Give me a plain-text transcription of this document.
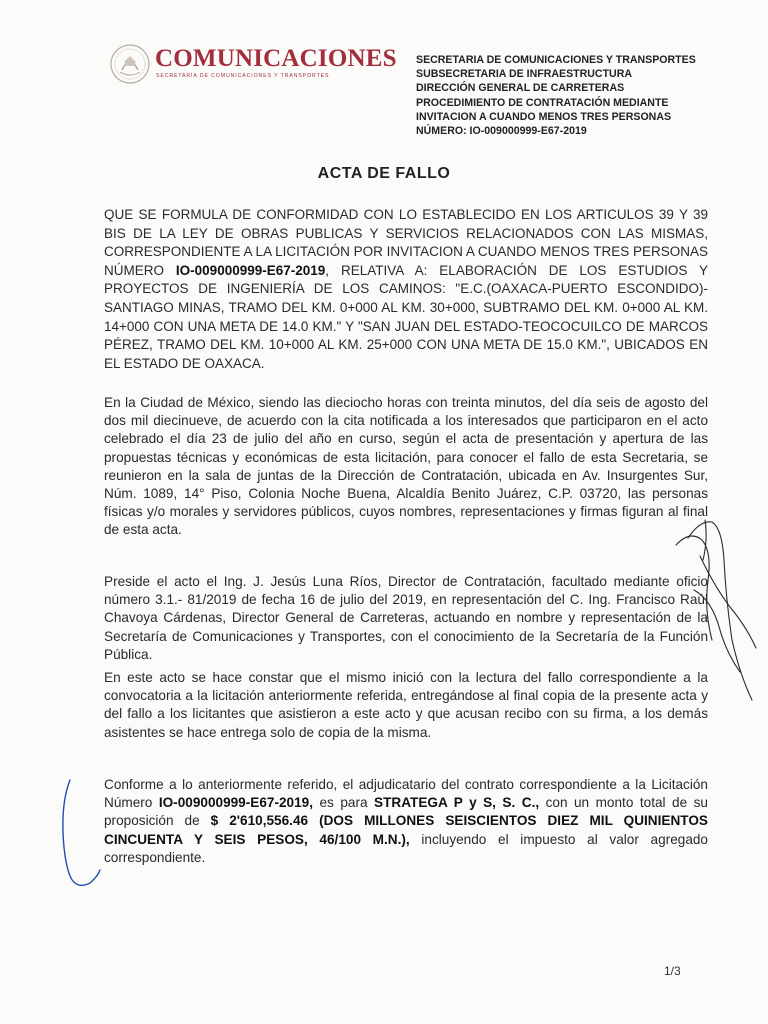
COMUNICACIONES
SECRETARÍA DE COMUNICACIONES Y TRANSPORTES
SECRETARIA DE COMUNICACIONES Y TRANSPORTES
SUBSECRETARIA DE INFRAESTRUCTURA
DIRECCIÓN GENERAL DE CARRETERAS
PROCEDIMIENTO DE CONTRATACIÓN MEDIANTE
INVITACION A CUANDO MENOS TRES PERSONAS
NÚMERO: IO-009000999-E67-2019
ACTA DE FALLO
QUE SE FORMULA DE CONFORMIDAD CON LO ESTABLECIDO EN LOS ARTICULOS 39 Y 39 BIS DE LA LEY DE OBRAS PUBLICAS Y SERVICIOS RELACIONADOS CON LAS MISMAS, CORRESPONDIENTE A LA LICITACIÓN POR INVITACION A CUANDO MENOS TRES PERSONAS NÚMERO IO-009000999-E67-2019, RELATIVA A: ELABORACIÓN DE LOS ESTUDIOS Y PROYECTOS DE INGENIERÍA DE LOS CAMINOS: "E.C.(OAXACA-PUERTO ESCONDIDO)-SANTIAGO MINAS, TRAMO DEL KM. 0+000 AL KM. 30+000, SUBTRAMO DEL KM. 0+000 AL KM. 14+000 CON UNA META DE 14.0 KM." Y "SAN JUAN DEL ESTADO-TEOCOCUILCO DE MARCOS PÉREZ, TRAMO DEL KM. 10+000 AL KM. 25+000 CON UNA META DE 15.0 KM.", UBICADOS EN EL ESTADO DE OAXACA.
En la Ciudad de México, siendo las dieciocho horas con treinta minutos, del día seis de agosto del dos mil diecinueve, de acuerdo con la cita notificada a los interesados que participaron en el acto celebrado el día 23 de julio del año en curso, según el acta de presentación y apertura de las propuestas técnicas y económicas de esta licitación, para conocer el fallo de esta Secretaria, se reunieron en la sala de juntas de la Dirección de Contratación, ubicada en Av. Insurgentes Sur, Núm. 1089, 14° Piso, Colonia Noche Buena, Alcaldía Benito Juárez, C.P. 03720, las personas físicas y/o morales y servidores públicos, cuyos nombres, representaciones y firmas figuran al final de esta acta.
Preside el acto el Ing. J. Jesús Luna Ríos, Director de Contratación, facultado mediante oficio número 3.1.- 81/2019 de fecha 16 de julio del 2019, en representación del C. Ing. Francisco Raúl Chavoya Cárdenas, Director General de Carreteras, actuando en nombre y representación de la Secretaría de Comunicaciones y Transportes, con el conocimiento de la Secretaría de la Función Pública.
En este acto se hace constar que el mismo inició con la lectura del fallo correspondiente a la convocatoria a la licitación anteriormente referida, entregándose al final copia de la presente acta y del fallo a los licitantes que asistieron a este acto y que acusan recibo con su firma, a los demás asistentes se hace entrega solo de copia de la misma.
Conforme a lo anteriormente referido, el adjudicatario del contrato correspondiente a la Licitación Número IO-009000999-E67-2019, es para STRATEGA P y S, S. C., con un monto total de su proposición de $ 2'610,556.46 (DOS MILLONES SEISCIENTOS DIEZ MIL QUINIENTOS CINCUENTA Y SEIS PESOS, 46/100 M.N.), incluyendo el impuesto al valor agregado correspondiente.
1/3
